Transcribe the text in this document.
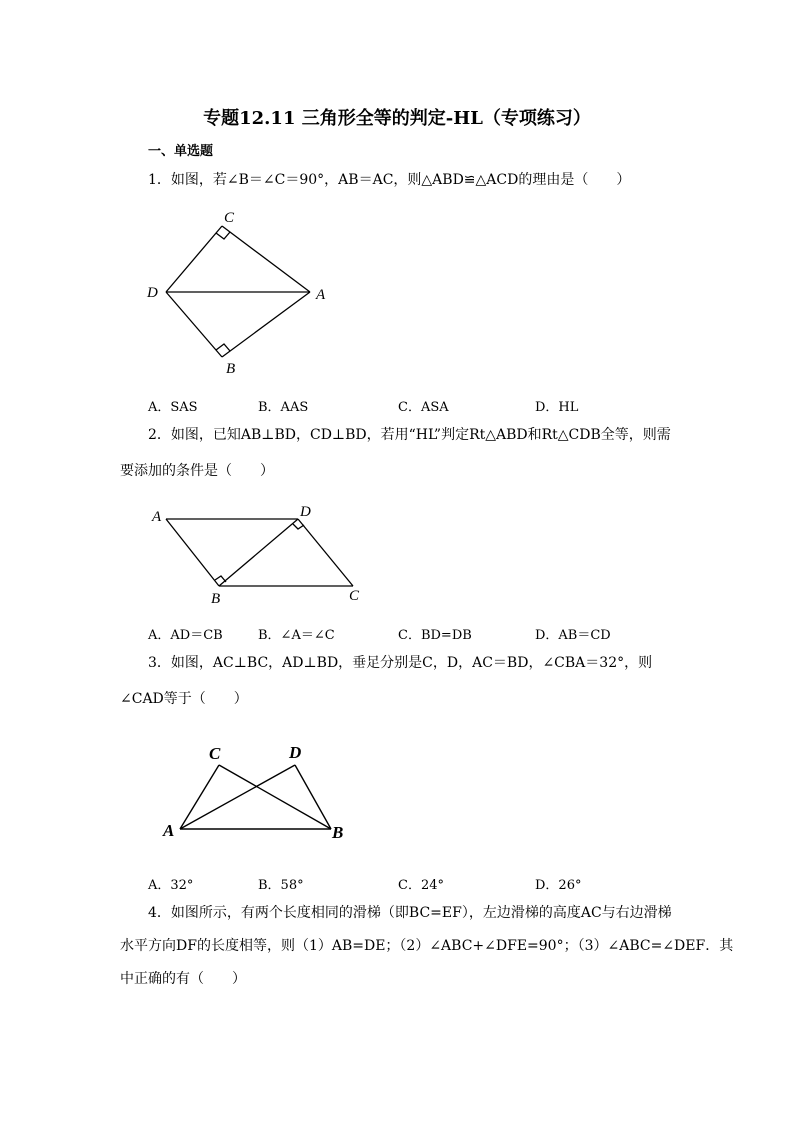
专题12.11 三角形全等的判定-HL（专项练习）
一、单选题
1．如图，若∠B＝∠C＝90°，AB＝AC，则△ABD≌△ACD的理由是（　　）
C
D	A
B
A．SAS	B．AAS	C．ASA	D．HL
2．如图，已知AB⊥BD，CD⊥BD，若用“HL”判定Rt△ABD和Rt△CDB全等，则需
要添加的条件是（　　）
A	D
B	C
A．AD＝CB	B．∠A＝∠C	C．BD=DB	D．AB＝CD
3．如图，AC⊥BC，AD⊥BD，垂足分别是C，D，AC＝BD，∠CBA＝32°，则
∠CAD等于（　　）
C	D
A	B
A．32°	B．58°	C．24°	D．26°
4．如图所示，有两个长度相同的滑梯（即BC=EF），左边滑梯的高度AC与右边滑梯
水平方向DF的长度相等，则（1）AB=DE；（2）∠ABC+∠DFE=90°；（3）∠ABC=∠DEF．其
中正确的有（　　）
